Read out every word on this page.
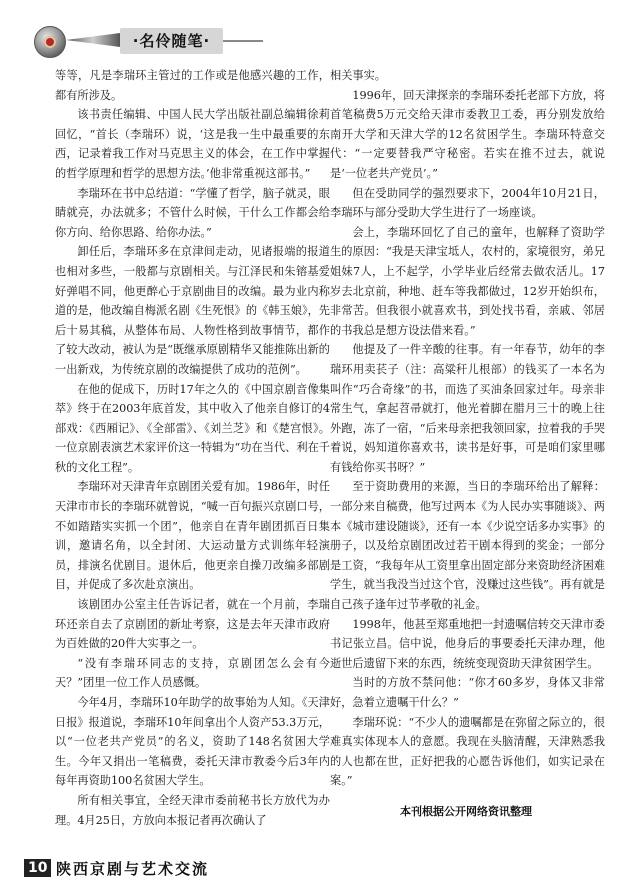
·名伶随笔·

等等，凡是李瑞环主管过的工作或是他感兴趣的工作，都有所涉及。

该书责任编辑、中国人民大学出版社副总编辑徐莉回忆，“首长（李瑞环）说，‘这是我一生中最重要的东西，记录着我工作对马克思主义的体会，在工作中掌握的哲学原理和哲学的思想方法。’他非常重视这部书。”

李瑞环在书中总结道：“学懂了哲学，脑子就灵，眼睛就亮，办法就多；不管什么时候，干什么工作都会给你方向、给你思路、给你办法。”

卸任后，李瑞环多在京津间走动，见诸报端的报道也相对多些，一般都与京剧相关。与江泽民和朱镕基爱好弹唱不同，他更醉心于京剧曲目的改编。最为业内称道的是，他改编自梅派名剧《生死恨》的《韩玉娘》，先后十易其稿，从整体布局、人物性格到故事情节，都作了较大改动，被认为是“既继承原剧精华又能推陈出新的一出新戏，为传统京剧的改编提供了成功的范例”。

在他的促成下，历时17年之久的《中国京剧音像集萃》终于在2003年底首发，其中收入了他亲自修订的4部戏：《西厢记》、《全部雷》、《刘兰芝》和《楚宫恨》。一位京剧表演艺术家评价这一特辑为“功在当代、利在千秋的文化工程”。

李瑞环对天津青年京剧团关爱有加。1986年，时任天津市市长的李瑞环就曾说，“喊一百句振兴京剧口号，不如踏踏实实抓一个团”，他亲自在青年剧团抓百日集训，邀请名角，以全封闭、大运动量方式训练年轻演员，排演名优剧目。退休后，他更亲自操刀改编多部剧目，并促成了多次赴京演出。

该剧团办公室主任告诉记者，就在一个月前，李瑞环还亲自去了京剧团的新址考察，这是去年天津市政府为百姓做的20件大实事之一。

“没有李瑞环同志的支持，京剧团怎么会有今天？”团里一位工作人员感慨。

今年4月，李瑞环10年助学的故事始为人知。《天津日报》报道说，李瑞环10年间拿出个人资产53.3万元，以“一位老共产党员”的名义，资助了148名贫困大学生。今年又捐出一笔稿费，委托天津市教委今后3年内每年再资助100名贫困大学生。

所有相关事宜，全经天津市委前秘书长方放代为办理。4月25日，方放向本报记者再次确认了

相关事实。

1996年，回天津探亲的李瑞环委托老部下方放，将首笔稿费5万元交给天津市委教卫工委，再分别发放给南开大学和天津大学的12名贫困学生。李瑞环特意交代：“一定要替我严守秘密。若实在推不过去，就说是‘一位老共产党员’。”

但在受助同学的强烈要求下，2004年10月21日，李瑞环与部分受助大学生进行了一场座谈。

会上，李瑞环回忆了自己的童年，也解释了资助学生的原因：“我是天津宝坻人，农村的，家境很穷，弟兄姐妹7人，上不起学，小学毕业后经常去做农活儿。17岁去北京前，种地、赶车等我都做过，12岁开始织布，非常苦。但我很小就喜欢书，到处找书看，亲戚、邻居的书我总是想方设法借来看。”

他提及了一件辛酸的往事。有一年春节，幼年的李瑞环用卖苌子（注：高粱秆儿根部）的钱买了一本名为叫作“巧合奇缘”的书，而选了买油条回家过年。母亲非常生气，拿起苕帚就打，他光着脚在腊月三十的晚上往外跑，冻了一宿，“后来母亲把我领回家，拉着我的手哭着说，妈知道你喜欢书，读书是好事，可是咱们家里哪有钱给你买书呀？”

至于资助费用的来源，当日的李瑞环给出了解释：一部分来自稿费，他写过两本《为人民办实事随谈》、两本《城市建设随谈》，还有一本《少说空话多办实事》的册子，以及给京剧团改过若干剧本得到的奖金；一部分是工资，“我每年从工资里拿出固定部分来资助经济困难学生，就当我没当过这个官，没赚过这些钱”。再有就是自己孩子逢年过节孝敬的礼金。

1998年，他甚至郑重地把一封遗嘱信转交天津市委书记张立昌。信中说，他身后的事要委托天津办理，他逝世后遗留下来的东西，统统变现资助天津贫困学生。

当时的方放不禁问他：“你才60多岁，身体又非常好，急着立遗嘱干什么？”

李瑞环说：“不少人的遗嘱都是在弥留之际立的，很难真实体现本人的意愿。我现在头脑清醒，天津熟悉我的人也都在世，正好把我的心愿告诉他们，如实记录在案。”

本刊根据公开网络资讯整理
10 陕西京剧与艺术交流
